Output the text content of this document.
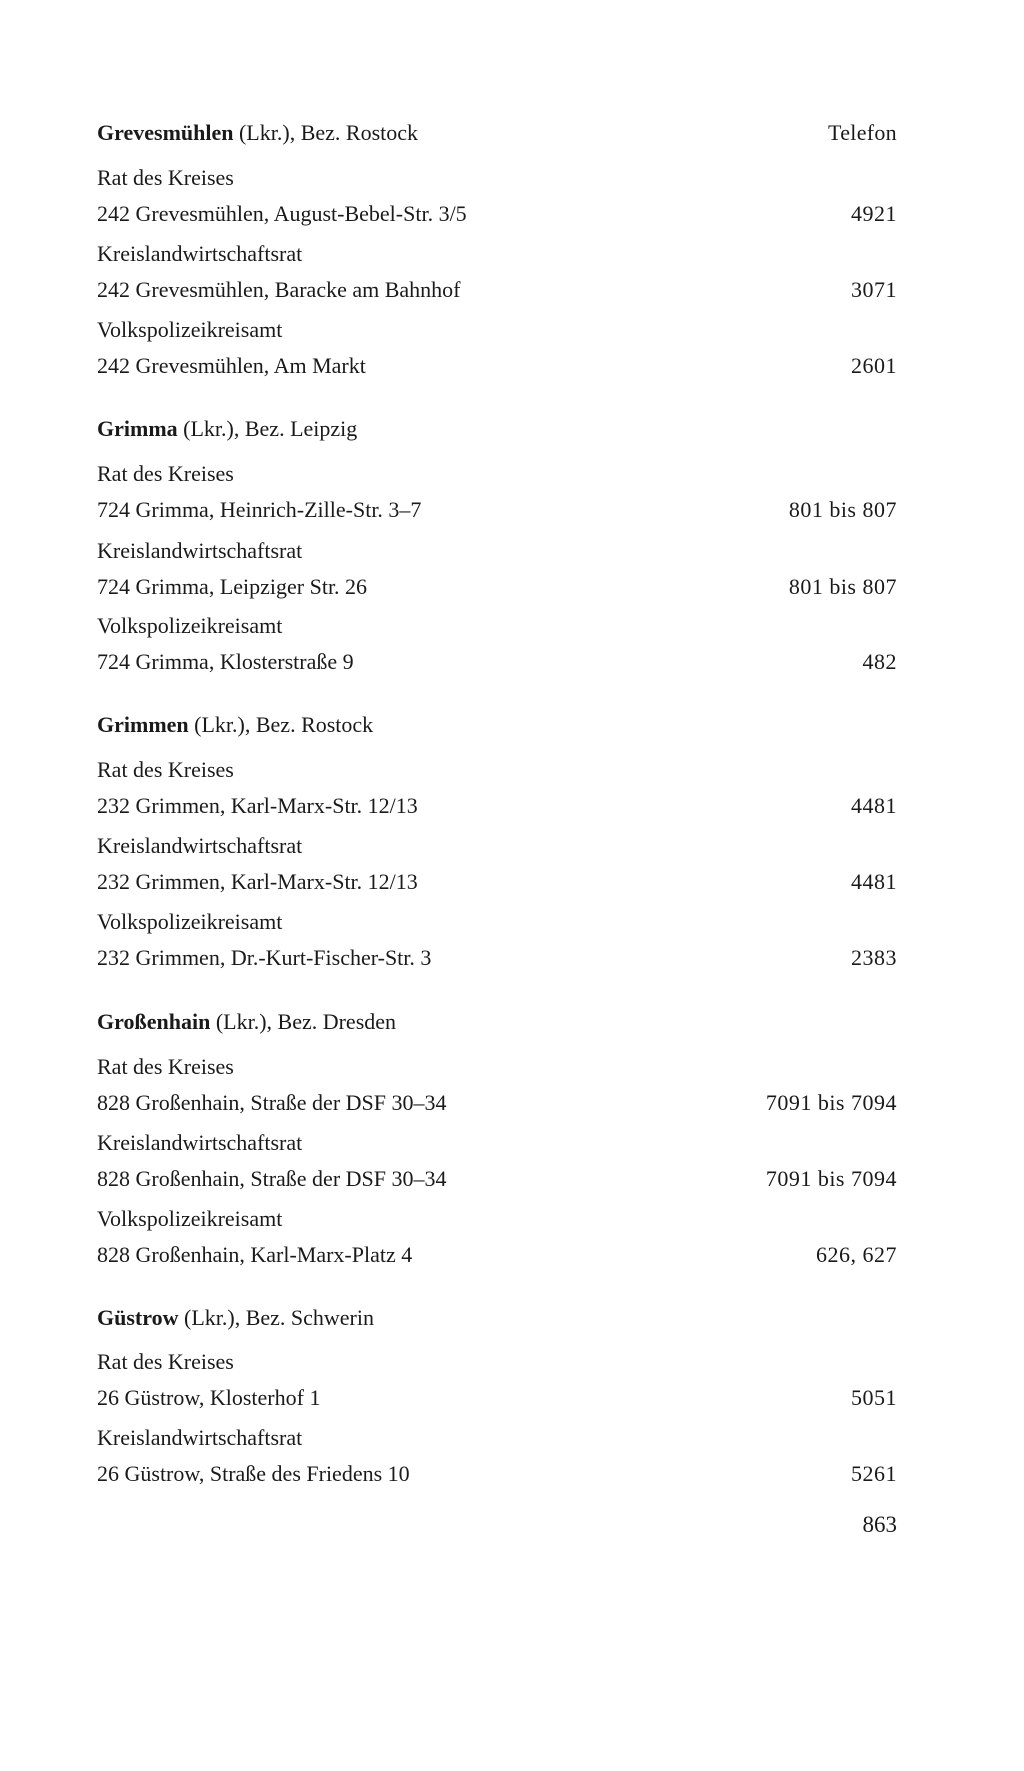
Grevesmühlen (Lkr.), Bez. Rostock	Telefon
Rat des Kreises
242 Grevesmühlen, August-Bebel-Str. 3/5	4921
Kreislandwirtschaftsrat
242 Grevesmühlen, Baracke am Bahnhof	3071
Volkspolizeikreisamt
242 Grevesmühlen, Am Markt	2601
Grimma (Lkr.), Bez. Leipzig
Rat des Kreises
724 Grimma, Heinrich-Zille-Str. 3–7	801 bis 807
Kreislandwirtschaftsrat
724 Grimma, Leipziger Str. 26	801 bis 807
Volkspolizeikreisamt
724 Grimma, Klosterstraße 9	482
Grimmen (Lkr.), Bez. Rostock
Rat des Kreises
232 Grimmen, Karl-Marx-Str. 12/13	4481
Kreislandwirtschaftsrat
232 Grimmen, Karl-Marx-Str. 12/13	4481
Volkspolizeikreisamt
232 Grimmen, Dr.-Kurt-Fischer-Str. 3	2383
Großenhain (Lkr.), Bez. Dresden
Rat des Kreises
828 Großenhain, Straße der DSF 30–34	7091 bis 7094
Kreislandwirtschaftsrat
828 Großenhain, Straße der DSF 30–34	7091 bis 7094
Volkspolizeikreisamt
828 Großenhain, Karl-Marx-Platz 4	626, 627
Güstrow (Lkr.), Bez. Schwerin
Rat des Kreises
26 Güstrow, Klosterhof 1	5051
Kreislandwirtschaftsrat
26 Güstrow, Straße des Friedens 10	5261
863
